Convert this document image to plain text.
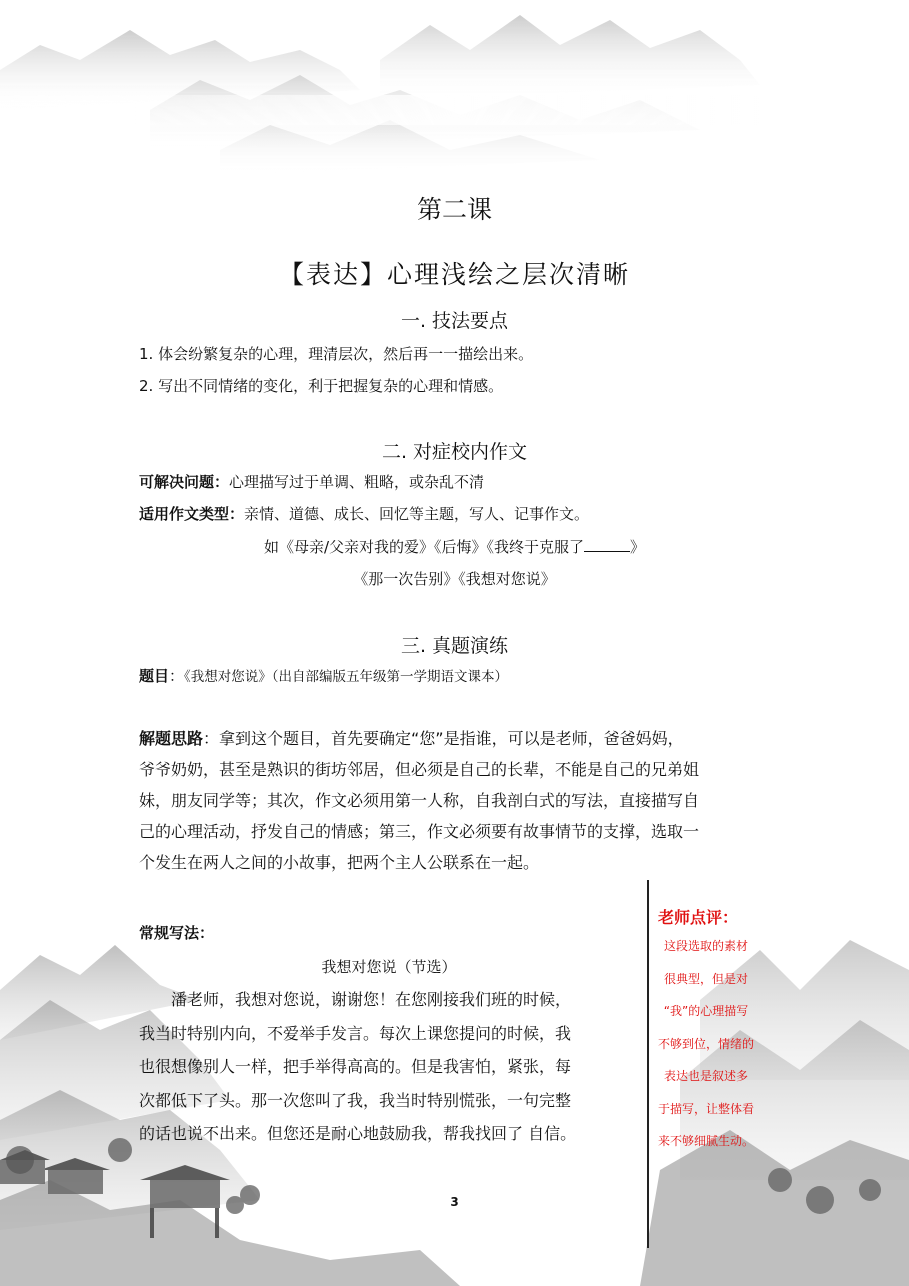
第二课
【表达】心理浅绘之层次清晰
一. 技法要点
1. 体会纷繁复杂的心理，理清层次，然后再一一描绘出来。
2. 写出不同情绪的变化，利于把握复杂的心理和情感。
二. 对症校内作文
可解决问题：心理描写过于单调、粗略，或杂乱不清
适用作文类型：亲情、道德、成长、回忆等主题，写人、记事作文。
如《母亲/父亲对我的爱》《后悔》《我终于克服了	》
《那一次告别》《我想对您说》
三. 真题演练
题目：《我想对您说》（出自部编版五年级第一学期语文课本）
解题思路：拿到这个题目，首先要确定“您”是指谁，可以是老师，爸爸妈妈，
爷爷奶奶，甚至是熟识的街坊邻居，但必须是自己的长辈，不能是自己的兄弟姐
妹，朋友同学等；其次，作文必须用第一人称，自我剖白式的写法，直接描写自
己的心理活动，抒发自己的情感；第三，作文必须要有故事情节的支撑，选取一
个发生在两人之间的小故事，把两个主人公联系在一起。
常规写法：
我想对您说（节选）
　　潘老师，我想对您说，谢谢您！在您刚接我们班的时候，
我当时特别内向，不爱举手发言。每次上课您提问的时候，我
也很想像别人一样，把手举得高高的。但是我害怕，紧张，每
次都低下了头。那一次您叫了我，我当时特别慌张，一句完整
的话也说不出来。但您还是耐心地鼓励我，帮我找回了 自信。
老师点评：
这段选取的素材
很典型，但是对
“我”的心理描写
不够到位，情绪的
表达也是叙述多
于描写，让整体看
来不够细腻生动。
3
